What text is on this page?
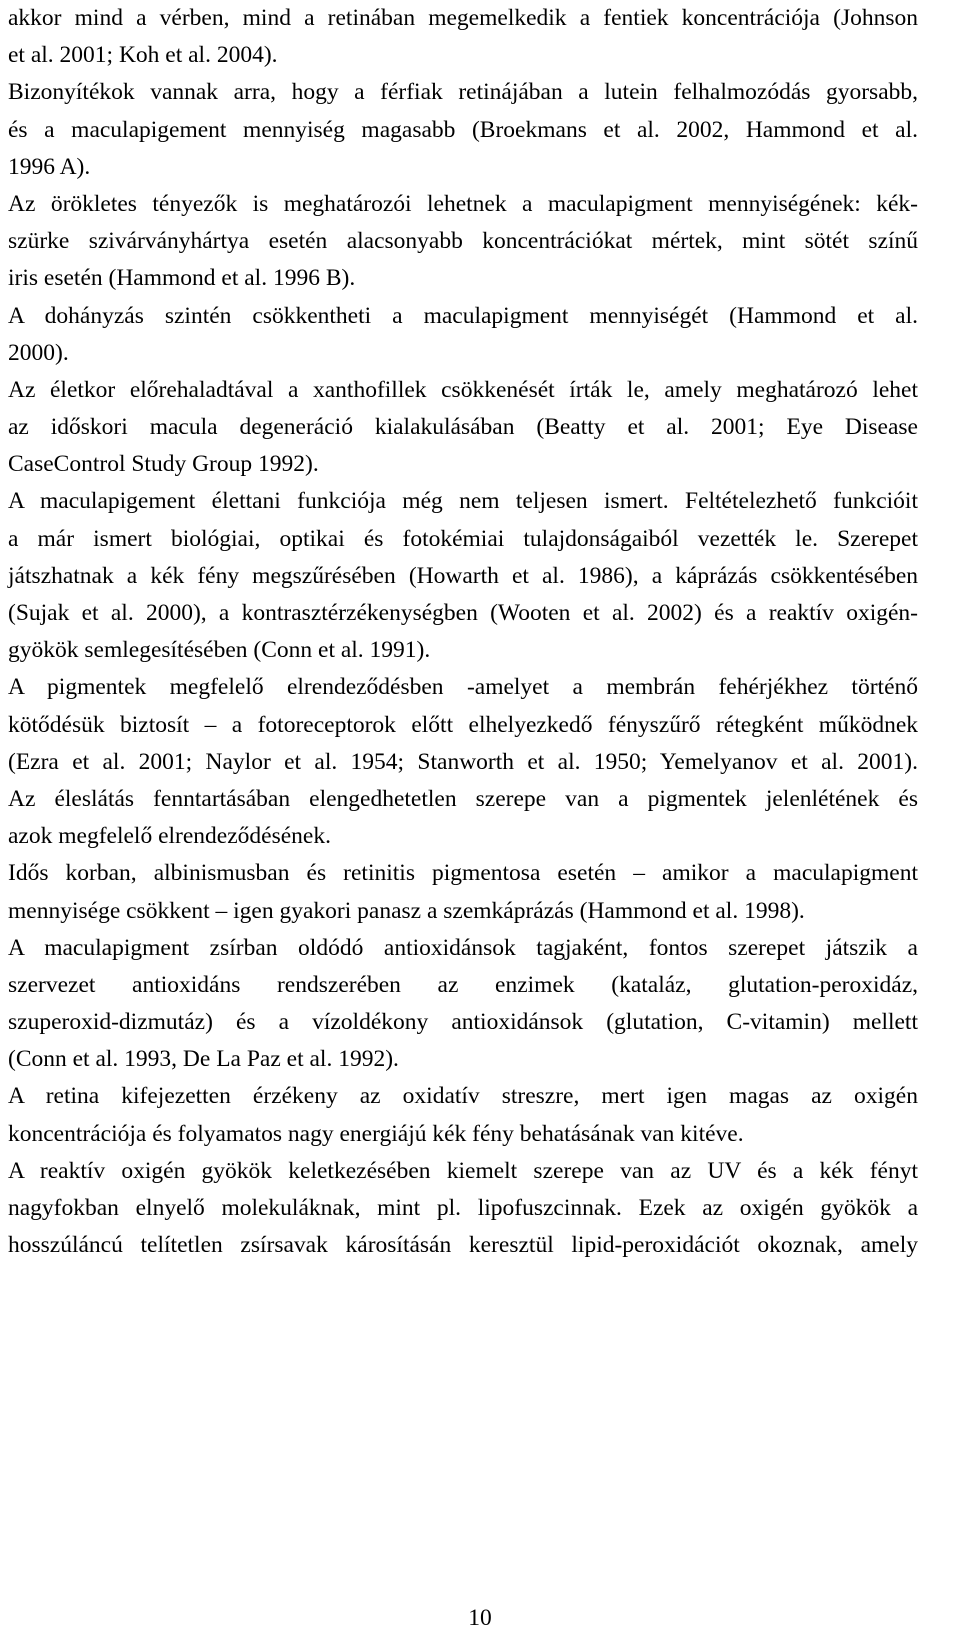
akkor mind a vérben, mind a retinában megemelkedik a fentiek koncentrációja (Johnson
et al. 2001; Koh et al. 2004).
Bizonyítékok vannak arra, hogy a férfiak retinájában a lutein felhalmozódás gyorsabb,
és a maculapigement mennyiség magasabb (Broekmans et al. 2002, Hammond et al.
1996 A).
Az örökletes tényezők is meghatározói lehetnek a maculapigment mennyiségének: kék-
szürke szivárványhártya esetén alacsonyabb koncentrációkat mértek, mint sötét színű
iris esetén (Hammond et al. 1996 B).
A dohányzás szintén csökkentheti a maculapigment mennyiségét (Hammond et al.
2000).
Az életkor előrehaladtával a xanthofillek csökkenését írták le, amely meghatározó lehet
az időskori macula degeneráció kialakulásában (Beatty et al. 2001; Eye Disease
CaseControl Study Group 1992).
A maculapigement élettani funkciója még nem teljesen ismert. Feltételezhető funkcióit
a már ismert biológiai, optikai és fotokémiai tulajdonságaiból vezették le. Szerepet
játszhatnak a kék fény megszűrésében (Howarth et al. 1986), a káprázás csökkentésében
(Sujak et al. 2000), a kontrasztérzékenységben (Wooten et al. 2002) és a reaktív oxigén-
gyökök semlegesítésében (Conn et al. 1991).
A pigmentek megfelelő elrendeződésben -amelyet a membrán fehérjékhez történő
kötődésük biztosít – a fotoreceptorok előtt elhelyezkedő fényszűrő rétegként működnek
(Ezra et al. 2001; Naylor et al. 1954; Stanworth et al. 1950; Yemelyanov et al. 2001).
Az éleslátás fenntartásában elengedhetetlen szerepe van a pigmentek jelenlétének és
azok megfelelő elrendeződésének.
Idős korban, albinismusban és retinitis pigmentosa esetén – amikor a maculapigment
mennyisége csökkent – igen gyakori panasz a szemkáprázás (Hammond et al. 1998).
A maculapigment zsírban oldódó antioxidánsok tagjaként, fontos szerepet játszik a
szervezet antioxidáns rendszerében az enzimek (kataláz, glutation-peroxidáz,
szuperoxid-dizmutáz) és a vízoldékony antioxidánsok (glutation, C-vitamin) mellett
(Conn et al. 1993, De La Paz et al. 1992).
A retina kifejezetten érzékeny az oxidatív streszre, mert igen magas az oxigén
koncentrációja és folyamatos nagy energiájú kék fény behatásának van kitéve.
A reaktív oxigén gyökök keletkezésében kiemelt szerepe van az UV és a kék fényt
nagyfokban elnyelő molekuláknak, mint pl. lipofuszcinnak. Ezek az oxigén gyökök a
hosszúláncú telítetlen zsírsavak károsításán keresztül lipid-peroxidációt okoznak, amely
10
